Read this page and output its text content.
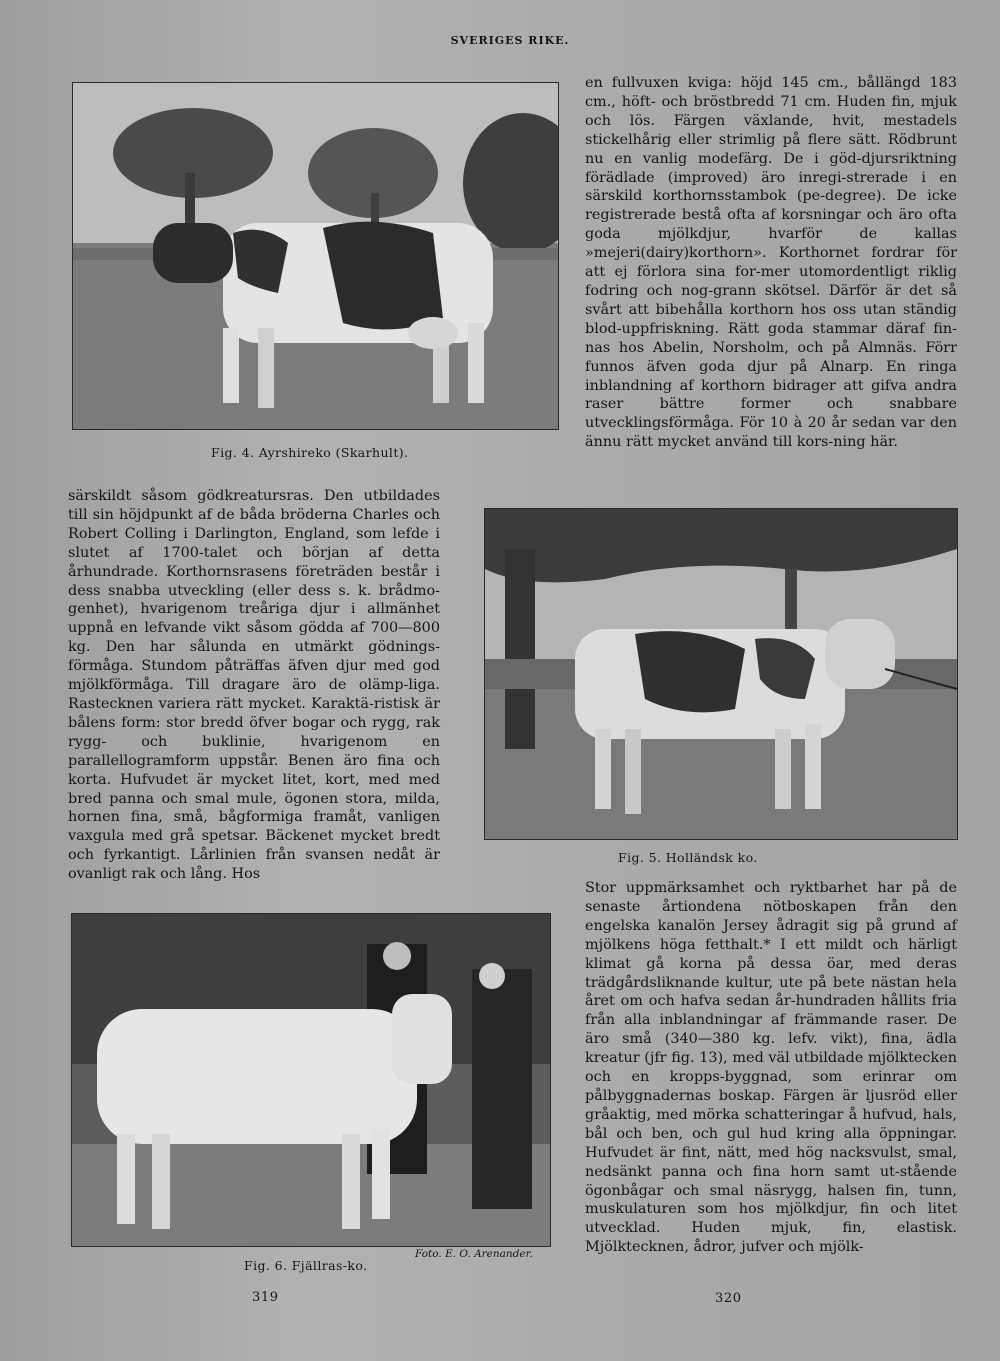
SVERIGES RIKE.
en fullvuxen kviga: höjd 145 cm., bållängd 183 cm., höft- och bröstbredd 71 cm. Huden fin, mjuk och lös. Färgen växlande, hvit, mestadels stickelhårig eller strimlig på flere sätt. Rödbrunt nu en vanlig modefärg. De i göd-djursriktning förädlade (improved) äro inregi-strerade i en särskild korthornsstambok (pe-degree). De icke registrerade bestå ofta af korsningar och äro ofta goda mjölkdjur, hvarför de kallas »mejeri(dairy)korthorn». Korthornet fordrar för att ej förlora sina for-mer utomordentligt riklig fodring och nog-grann skötsel. Därför är det så svårt att bibehålla korthorn hos oss utan ständig blod-uppfriskning. Rätt goda stammar däraf fin-nas hos Abelin, Norsholm, och på Almnäs. Förr funnos äfven goda djur på Alnarp. En ringa inblandning af korthorn bidrager att gifva andra raser bättre former och snabbare utvecklingsförmåga. För 10 à 20 år sedan var den ännu rätt mycket använd till kors-ning här.
Fig. 4. Ayrshireko (Skarhult).
särskildt såsom gödkreatursras. Den utbildades till sin höjdpunkt af de båda bröderna Charles och Robert Colling i Darlington, England, som lefde i slutet af 1700-talet och början af detta århundrade. Korthornsrasens företräden består i dess snabba utveckling (eller dess s. k. brådmo-genhet), hvarigenom treåriga djur i allmänhet uppnå en lefvande vikt såsom gödda af 700—800 kg. Den har sålunda en utmärkt gödnings-förmåga. Stundom påträffas äfven djur med god mjölkförmåga. Till dragare äro de olämp-liga. Rastecknen variera rätt mycket. Karaktä-ristisk är bålens form: stor bredd öfver bogar och rygg, rak rygg- och buklinie, hvarigenom en parallellogramform uppstår. Benen äro fina och korta. Hufvudet är mycket litet, kort, med med bred panna och smal mule, ögonen stora, milda, hornen fina, små, bågformiga framåt, vanligen vaxgula med grå spetsar. Bäckenet mycket bredt och fyrkantigt. Lårlinien från svansen nedåt är ovanligt rak och lång. Hos
Fig. 5. Holländsk ko.
Stor uppmärksamhet och ryktbarhet har på de senaste årtiondena nötboskapen från den engelska kanalön Jersey ådragit sig på grund af mjölkens höga fetthalt.* I ett mildt och härligt klimat gå korna på dessa öar, med deras trädgårdsliknande kultur, ute på bete nästan hela året om och hafva sedan år-hundraden hållits fria från alla inblandningar af främmande raser. De äro små (340—380 kg. lefv. vikt), fina, ädla kreatur (jfr fig. 13), med väl utbildade mjölktecken och en kropps-byggnad, som erinrar om pålbyggnadernas boskap. Färgen är ljusröd eller gråaktig, med mörka schatteringar å hufvud, hals, bål och ben, och gul hud kring alla öppningar. Hufvudet är fint, nätt, med hög nacksvulst, smal, nedsänkt panna och fina horn samt ut-stående ögonbågar och smal näsrygg, halsen fin, tunn, muskulaturen som hos mjölkdjur, fin och litet utvecklad. Huden mjuk, fin, elastisk. Mjölktecknen, ådror, jufver och mjölk-
Foto. E. O. Arenander.
Fig. 6. Fjällras-ko.
319	320
